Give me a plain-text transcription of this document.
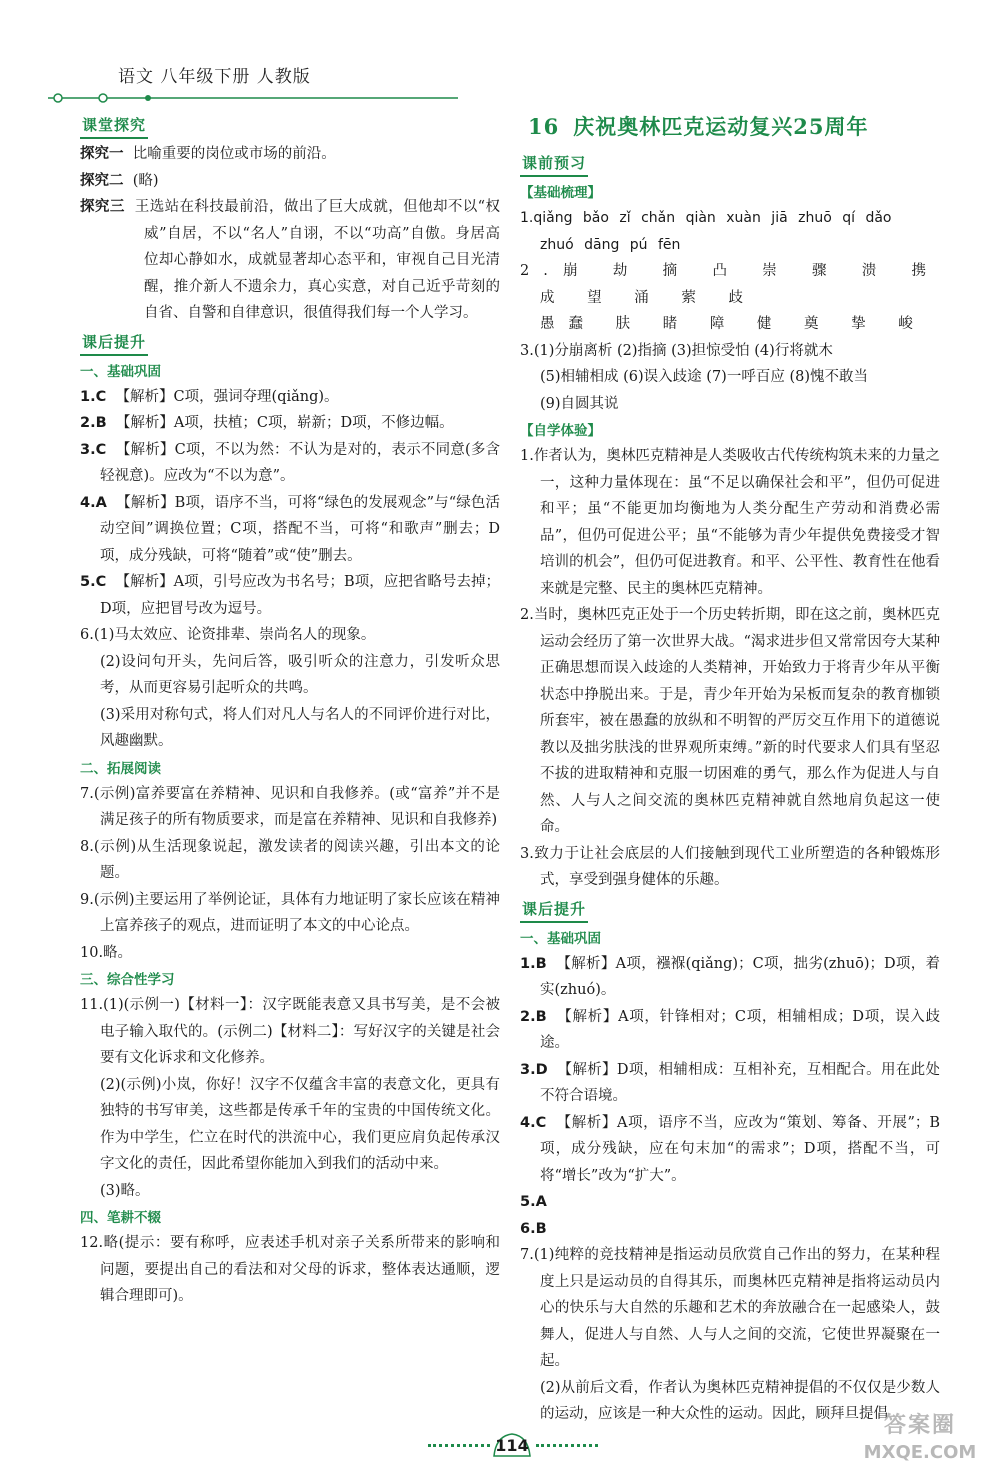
语文 八年级下册 人教版
课堂探究
探究一 比喻重要的岗位或市场的前沿。
探究二 (略)
探究三 王选站在科技最前沿，做出了巨大成就，但他却不以“权威”自居，不以“名人”自诩，不以“功高”自傲。身居高位却心静如水，成就显著却心态平和，审视自己目光清醒，推介新人不遗余力，真心实意，对自己近乎苛刻的自省、自警和自律意识，很值得我们每一个人学习。
课后提升
一、基础巩固
1.C 【解析】C项，强词夺理(qiǎng)。
2.B 【解析】A项，扶植；C项，崭新；D项，不修边幅。
3.C 【解析】C项，不以为然：不认为是对的，表示不同意(多含轻视意)。应改为“不以为意”。
4.A 【解析】B项，语序不当，可将“绿色的发展观念”与“绿色活动空间”调换位置；C项，搭配不当，可将“和歌声”删去；D项，成分残缺，可将“随着”或“使”删去。
5.C 【解析】A项，引号应改为书名号；B项，应把省略号去掉；D项，应把冒号改为逗号。
6.(1)马太效应、论资排辈、崇尚名人的现象。
(2)设问句开头，先问后答，吸引听众的注意力，引发听众思考，从而更容易引起听众的共鸣。
(3)采用对称句式，将人们对凡人与名人的不同评价进行对比，风趣幽默。
二、拓展阅读
7.(示例)富养要富在养精神、见识和自我修养。(或“富养”并不是满足孩子的所有物质要求，而是富在养精神、见识和自我修养)
8.(示例)从生活现象说起，激发读者的阅读兴趣，引出本文的论题。
9.(示例)主要运用了举例论证，具体有力地证明了家长应该在精神上富养孩子的观点，进而证明了本文的中心论点。
10.略。
三、综合性学习
11.(1)(示例一)【材料一】：汉字既能表意又具书写美，是不会被电子输入取代的。(示例二)【材料二】：写好汉字的关键是社会要有文化诉求和文化修养。
(2)(示例)小岚，你好！汉字不仅蕴含丰富的表意文化，更具有独特的书写审美，这些都是传承千年的宝贵的中国传统文化。作为中学生，伫立在时代的洪流中心，我们更应肩负起传承汉字文化的责任，因此希望你能加入到我们的活动中来。
(3)略。
四、笔耕不辍
12.略(提示：要有称呼，应表述手机对亲子关系所带来的影响和问题，要提出自己的看法和对父母的诉求，整体表达通顺，逻辑合理即可)。
16 庆祝奥林匹克运动复兴25周年
课前预习
【基础梳理】
1.qiǎng bǎo zǐ chǎn qiàn xuàn jiā zhuō qí dǎo
zhuó dāng pú fēn
2.崩 劫 摘 凸 崇 骤 溃 携 成 望 涌 萦 歧
愚蠢 肤 睹 障 健 奠 挚 峻
3.(1)分崩离析 (2)指摘 (3)担惊受怕 (4)行将就木
(5)相辅相成 (6)误入歧途 (7)一呼百应 (8)愧不敢当
(9)自圆其说
【自学体验】
1.作者认为，奥林匹克精神是人类吸收古代传统构筑未来的力量之一，这种力量体现在：虽“不足以确保社会和平”，但仍可促进和平；虽“不能更加均衡地为人类分配生产劳动和消费必需品”，但仍可促进公平；虽“不能够为青少年提供免费接受才智培训的机会”，但仍可促进教育。和平、公平性、教育性在他看来就是完整、民主的奥林匹克精神。
2.当时，奥林匹克正处于一个历史转折期，即在这之前，奥林匹克运动会经历了第一次世界大战。“渴求进步但又常常因夸大某种正确思想而误入歧途的人类精神，开始致力于将青少年从平衡状态中挣脱出来。于是，青少年开始为呆板而复杂的教育枷锁所套牢，被在愚蠢的放纵和不明智的严厉交互作用下的道德说教以及拙劣肤浅的世界观所束缚。”新的时代要求人们具有坚忍不拔的进取精神和克服一切困难的勇气，那么作为促进人与自然、人与人之间交流的奥林匹克精神就自然地肩负起这一使命。
3.致力于让社会底层的人们接触到现代工业所塑造的各种锻炼形式，享受到强身健体的乐趣。
课后提升
一、基础巩固
1.B 【解析】A项，襁褓(qiǎng)；C项，拙劣(zhuō)；D项，着实(zhuó)。
2.B 【解析】A项，针锋相对；C项，相辅相成；D项，误入歧途。
3.D 【解析】D项，相辅相成：互相补充，互相配合。用在此处不符合语境。
4.C 【解析】A项，语序不当，应改为“策划、筹备、开展”；B项，成分残缺，应在句末加“的需求”；D项，搭配不当，可将“增长”改为“扩大”。
5.A
6.B
7.(1)纯粹的竞技精神是指运动员欣赏自己作出的努力，在某种程度上只是运动员的自得其乐，而奥林匹克精神是指将运动员内心的快乐与大自然的乐趣和艺术的奔放融合在一起感染人，鼓舞人，促进人与自然、人与人之间的交流，它使世界凝聚在一起。
(2)从前后文看，作者认为奥林匹克精神提倡的不仅仅是少数人的运动，应该是一种大众性的运动。因此，顾拜旦提倡
114
答案圈
MXQE.COM
